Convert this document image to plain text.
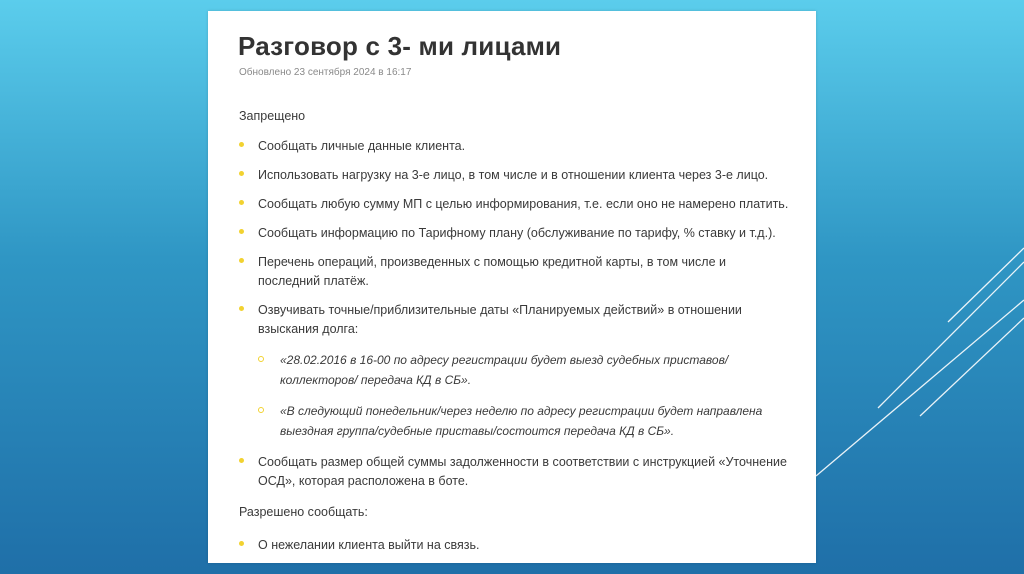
Разговор с 3- ми лицами
Обновлено 23 сентября 2024 в 16:17
Запрещено
Сообщать личные данные клиента.
Использовать нагрузку на 3-е лицо, в том числе и в отношении клиента через 3-е лицо.
Сообщать любую сумму МП с целью информирования, т.е. если оно не намерено платить.
Сообщать информацию по Тарифному плану (обслуживание по тарифу, % ставку и т.д.).
Перечень операций, произведенных с помощью кредитной карты, в том числе и последний платёж.
Озвучивать точные/приблизительные даты «Планируемых действий» в отношении взыскания долга:
«28.02.2016 в 16-00 по адресу регистрации будет выезд судебных приставов/коллекторов/ передача КД в СБ».
«В следующий понедельник/через неделю по адресу регистрации будет направлена выездная группа/судебные приставы/состоится передача КД в СБ».
Сообщать размер общей суммы задолженности в соответствии с инструкцией «Уточнение ОСД», которая расположена в боте.
Разрешено сообщать:
О нежелании клиента выйти на связь.
